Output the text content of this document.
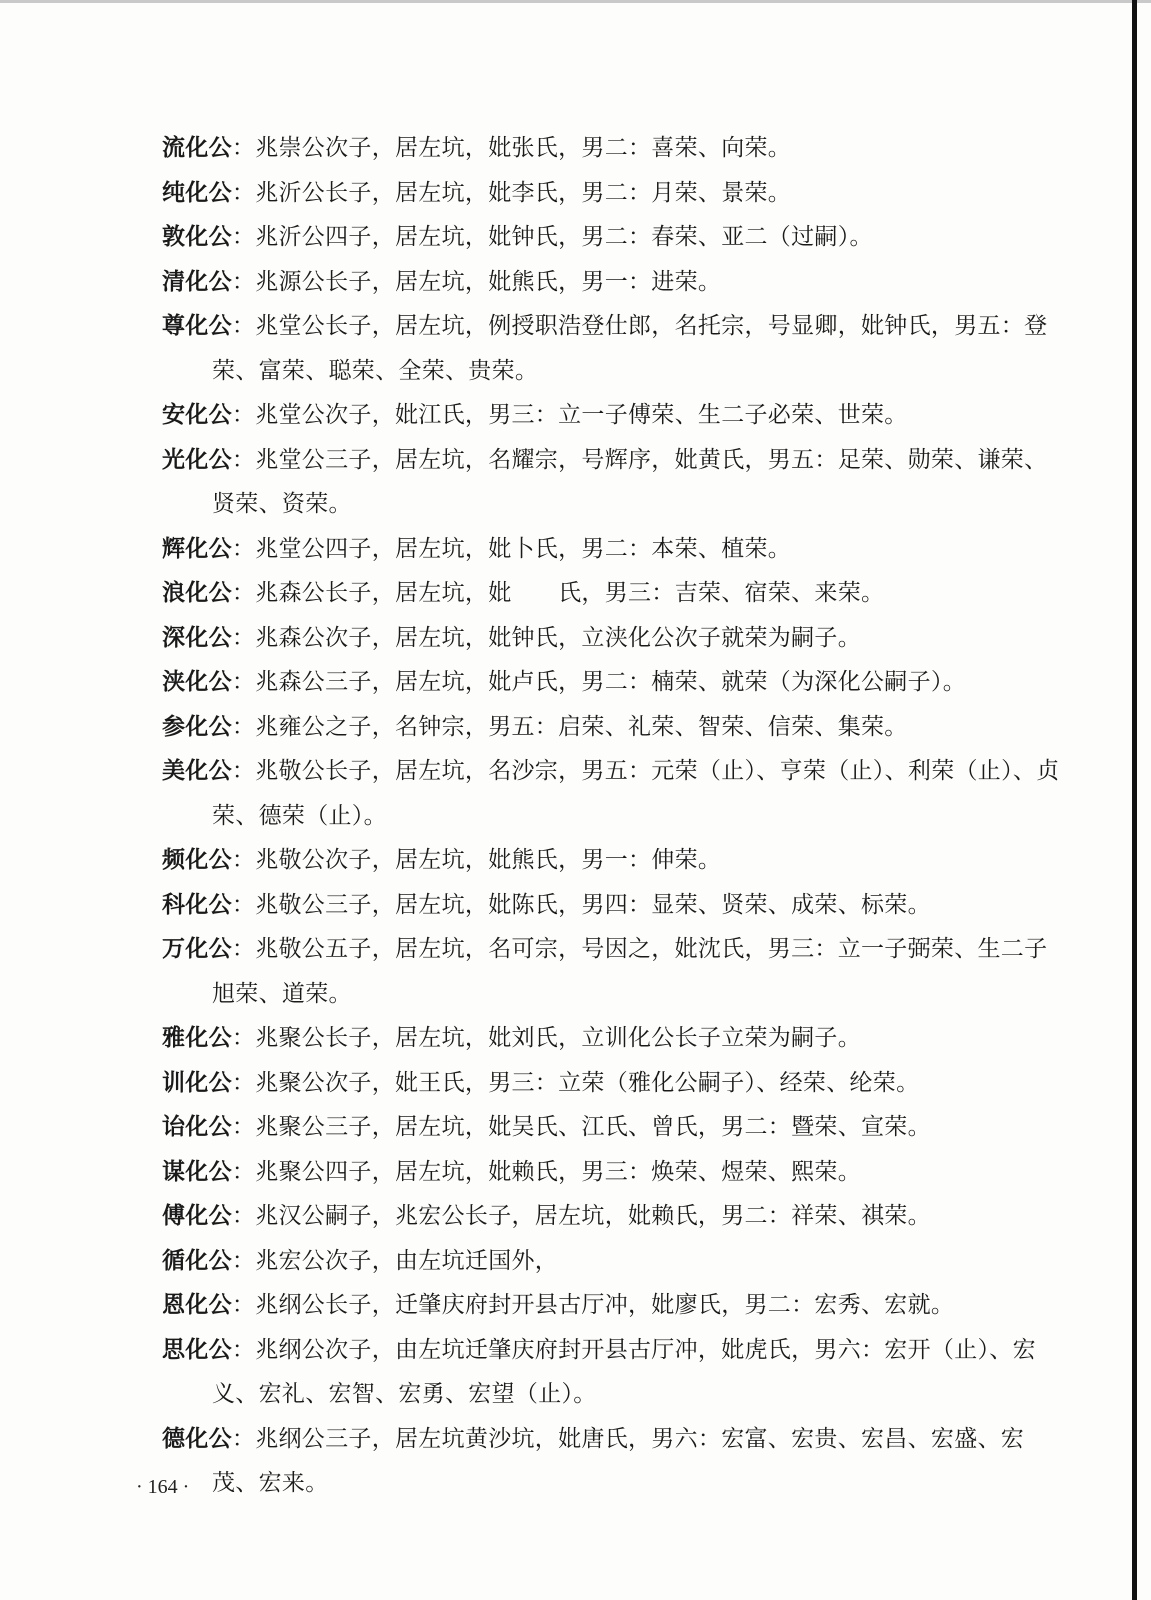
流化公：兆崇公次子，居左坑，妣张氏，男二：喜荣、向荣。

纯化公：兆沂公长子，居左坑，妣李氏，男二：月荣、景荣。

敦化公：兆沂公四子，居左坑，妣钟氏，男二：春荣、亚二（过嗣）。

清化公：兆源公长子，居左坑，妣熊氏，男一：进荣。

尊化公：兆堂公长子，居左坑，例授职浩登仕郎，名托宗，号显卿，妣钟氏，男五：登荣、富荣、聪荣、全荣、贵荣。

安化公：兆堂公次子，妣江氏，男三：立一子傅荣、生二子必荣、世荣。

光化公：兆堂公三子，居左坑，名耀宗，号辉序，妣黄氏，男五：足荣、勋荣、谦荣、贤荣、资荣。

辉化公：兆堂公四子，居左坑，妣卜氏，男二：本荣、植荣。

浪化公：兆森公长子，居左坑，妣　　氏，男三：吉荣、宿荣、来荣。

深化公：兆森公次子，居左坑，妣钟氏，立浃化公次子就荣为嗣子。

浃化公：兆森公三子，居左坑，妣卢氏，男二：楠荣、就荣（为深化公嗣子）。

参化公：兆雍公之子，名钟宗，男五：启荣、礼荣、智荣、信荣、集荣。

美化公：兆敬公长子，居左坑，名沙宗，男五：元荣（止）、亨荣（止）、利荣（止）、贞荣、德荣（止）。

频化公：兆敬公次子，居左坑，妣熊氏，男一：伸荣。

科化公：兆敬公三子，居左坑，妣陈氏，男四：显荣、贤荣、成荣、标荣。

万化公：兆敬公五子，居左坑，名可宗，号因之，妣沈氏，男三：立一子弼荣、生二子旭荣、道荣。

雅化公：兆聚公长子，居左坑，妣刘氏，立训化公长子立荣为嗣子。

训化公：兆聚公次子，妣王氏，男三：立荣（雅化公嗣子）、经荣、纶荣。

诒化公：兆聚公三子，居左坑，妣吴氏、江氏、曾氏，男二：暨荣、宣荣。

谋化公：兆聚公四子，居左坑，妣赖氏，男三：焕荣、煜荣、熙荣。

傅化公：兆汉公嗣子，兆宏公长子，居左坑，妣赖氏，男二：祥荣、祺荣。

循化公：兆宏公次子，由左坑迁国外，

恩化公：兆纲公长子，迁肇庆府封开县古厅冲，妣廖氏，男二：宏秀、宏就。

思化公：兆纲公次子，由左坑迁肇庆府封开县古厅冲，妣虎氏，男六：宏开（止）、宏义、宏礼、宏智、宏勇、宏望（止）。

德化公：兆纲公三子，居左坑黄沙坑，妣唐氏，男六：宏富、宏贵、宏昌、宏盛、宏茂、宏来。

· 164 ·
